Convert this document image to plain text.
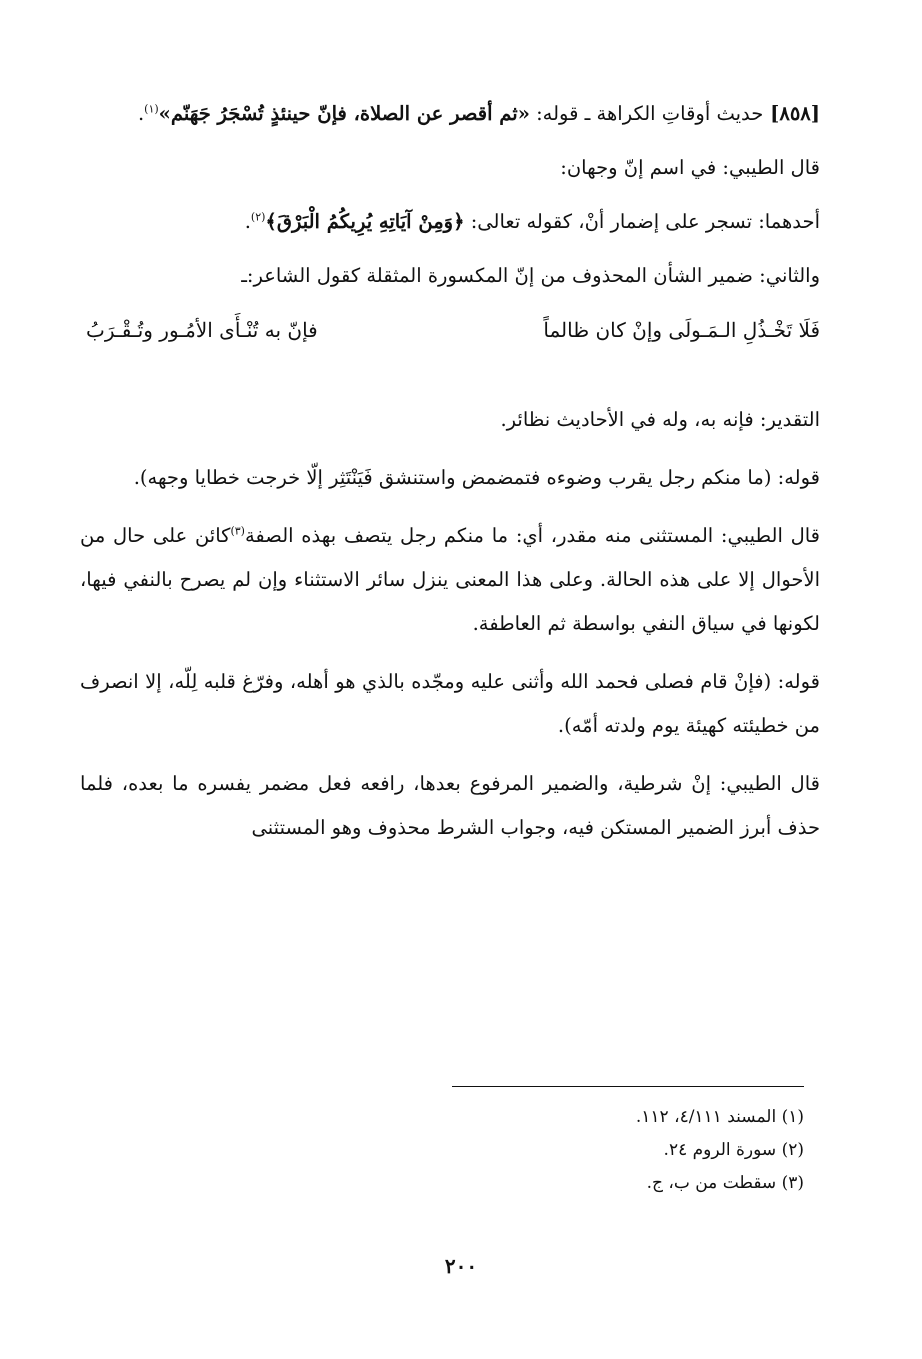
[٨٥٨] حديث أوقاتِ الكراهة ـ قوله: «ثم أقصر عن الصلاة، فإنّ حينئذٍ تُسْجَرُ جَهَنّم»$^{(١)}$.

قال الطيبي: في اسم إنّ وجهان:

أحدهما: تسجر على إضمار أنْ، كقوله تعالى: ﴿وَمِنْ آيَاتِهِ يُرِيكُمُ الْبَرْقَ﴾$^{(٢)}$.

والثاني: ضمير الشأن المحذوف من إنّ المكسورة المثقلة كقول الشاعر:ـ

فَلَا تَخْـذُلِ الـمَـولَى وإنْ كان ظالماً
فإنّ به تُنْـأَى الأمُـور وتُـقْـرَبُ

التقدير: فإنه به، وله في الأحاديث نظائر.

قوله: (ما منكم رجل يقرب وضوءه فتمضمض واستنشق فَيَنْتَثِر إلّا خرجت خطايا وجهه).

قال الطيبي: المستثنى منه مقدر، أي: ما منكم رجل يتصف بهذه الصفة$^{(٣)}$كائن على حال من الأحوال إلا على هذه الحالة. وعلى هذا المعنى ينزل سائر الاستثناء وإن لم يصرح بالنفي فيها، لكونها في سياق النفي بواسطة ثم العاطفة.

قوله: (فإنْ قام فصلى فحمد الله وأثنى عليه ومجّده بالذي هو أهله، وفرّغ قلبه لِلّه، إلا انصرف من خطيئته كهيئة يوم ولدته أمّه).

قال الطيبي: إنْ شرطية، والضمير المرفوع بعدها، رافعه فعل مضمر يفسره ما بعده، فلما حذف أبرز الضمير المستكن فيه، وجواب الشرط محذوف وهو المستثنى

(١) المسند ٤/١١١، ١١٢.

(٢) سورة الروم ٢٤.

(٣) سقطت من ب، ج.

٢٠٠
